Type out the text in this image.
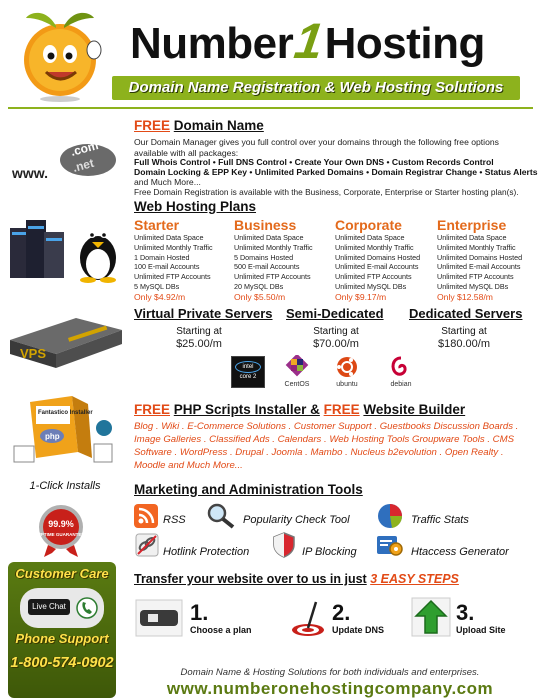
Number1Hosting
Domain Name Registration & Web Hosting Solutions
.com
.net
www.
FREE Domain Name
Our Domain Manager gives you full control over your domains through the following free options available with all packages:
Full Whois Control • Full DNS Control • Create Your Own DNS • Custom Records Control
Domain Locking & EPP Key • Unlimited Parked Domains • Domain Registrar Change • Status Alerts
and Much More...
Free Domain Registration is available with the Business, Corporate, Enterprise or Starter hosting plan(s).
Web Hosting Plans
Starter
Unlimited Data Space
Unlimited Monthly Traffic
1 Domain Hosted
100 E-mail Accounts
Unlimited FTP Accounts
5 MySQL DBs
Only $4.92/m
Business
Unlimited Data Space
Unlimited Monthly Traffic
5 Domains Hosted
500 E-mail Accounts
Unlimited FTP Accounts
20 MySQL DBs
Only $5.50/m
Corporate
Unlimited Data Space
Unlimited Monthly Traffic
Unlimited Domains Hosted
Unlimited E-mail Accounts
Unlimited FTP Accounts
Unlimited MySQL DBs
Only $9.17/m
Enterprise
Unlimited Data Space
Unlimited Monthly Traffic
Unlimited Domains Hosted
Unlimited E-mail Accounts
Unlimited FTP Accounts
Unlimited MySQL DBs
Only $12.58/m
VPS
Virtual Private Servers
Starting at
$25.00/m
Semi-Dedicated
Starting at
$70.00/m
Dedicated Servers
Starting at
$180.00/m
intel core 2
CentOS	ubuntu	debian
Fantastico Installer
php
1-Click Installs
FREE PHP Scripts Installer & FREE Website Builder
Blog . Wiki . E-Commerce Solutions . Customer Support . Guestbooks Discussion Boards . Image Galleries . Classified Ads . Calendars . Web Hosting Tools Groupware Tools . CMS Software . WordPress . Drupal . Joomla . Mambo . Nucleus b2evolution . Open Realty . Moodle and Much More...
Marketing and Administration Tools
99.9%
UPTIME GUARANTEE
RSS	Popularity Check Tool	Traffic Stats
Hotlink Protection	IP Blocking	Htaccess Generator
Transfer your website over to us in just 3 EASY STEPS
1.
Choose a plan
2.
Update DNS
3.
Upload Site
Customer Care
Live Chat
Phone Support
1-800-574-0902
Domain Name & Hosting Solutions for both individuals and enterprises.
www.numberonehostingcompany.com
